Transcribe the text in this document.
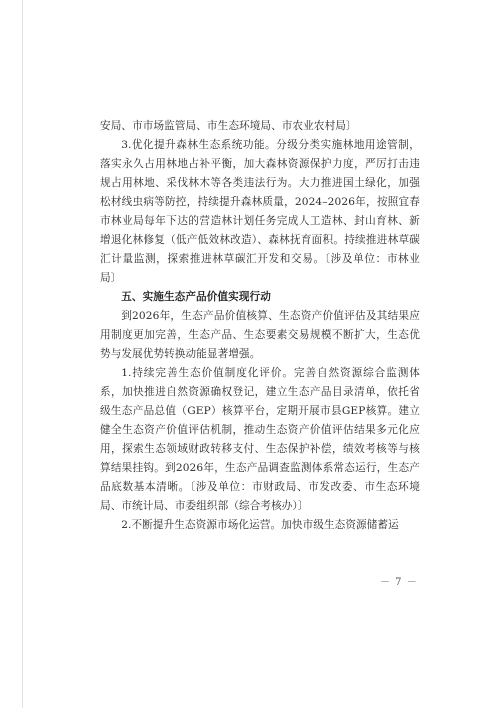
安局、市市场监管局、市生态环境局、市农业农村局〕

3.优化提升森林生态系统功能。分级分类实施林地用途管制，落实永久占用林地占补平衡，加大森林资源保护力度，严厉打击违规占用林地、采伐林木等各类违法行为。大力推进国土绿化，加强松材线虫病等防控，持续提升森林质量，2024–2026年，按照宜春市林业局每年下达的营造林计划任务完成人工造林、封山育林、新增退化林修复（低产低效林改造）、森林抚育面积。持续推进林草碳汇计量监测，探索推进林草碳汇开发和交易。〔涉及单位：市林业局〕

五、实施生态产品价值实现行动

到2026年，生态产品价值核算、生态资产价值评估及其结果应用制度更加完善，生态产品、生态要素交易规模不断扩大，生态优势与发展优势转换动能显著增强。

1.持续完善生态价值制度化评价。完善自然资源综合监测体系，加快推进自然资源确权登记，建立生态产品目录清单，依托省级生态产品总值（GEP）核算平台，定期开展市县GEP核算。建立健全生态资产价值评估机制，推动生态资产价值评估结果多元化应用，探索生态领域财政转移支付、生态保护补偿，绩效考核等与核算结果挂钩。到2026年，生态产品调查监测体系常态运行，生态产品底数基本清晰。〔涉及单位：市财政局、市发改委、市生态环境局、市统计局、市委组织部（综合考核办）〕

2.不断提升生态资源市场化运营。加快市级生态资源储蓄运

－ 7 －
